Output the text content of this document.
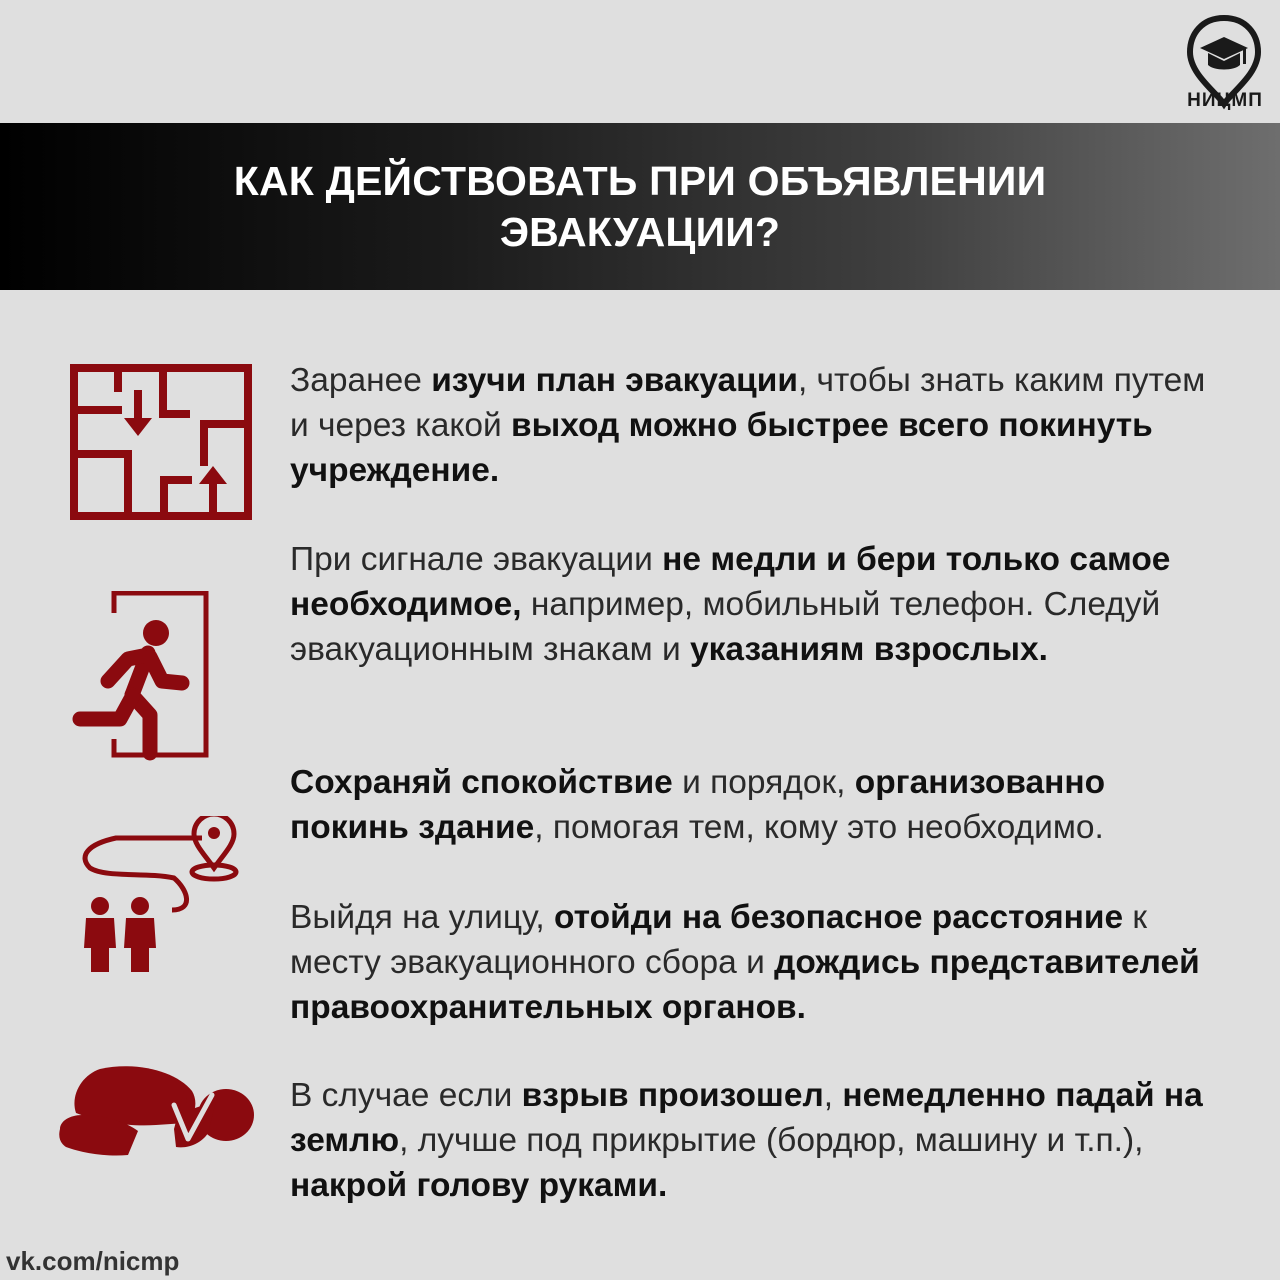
НИЦМП
КАК ДЕЙСТВОВАТЬ ПРИ ОБЪЯВЛЕНИИ
ЭВАКУАЦИИ?
Заранее изучи план эвакуации, чтобы знать каким путем и через какой выход можно быстрее всего покинуть учреждение.
При сигнале эвакуации не медли и бери только самое необходимое, например, мобильный телефон. Следуй эвакуационным знакам и указаниям взрослых.
Сохраняй спокойствие и порядок, организованно покинь здание, помогая тем, кому это необходимо.
Выйдя на улицу, отойди на безопасное расстояние к месту эвакуационного сбора и дождись представителей правоохранительных органов.
В случае если взрыв произошел, немедленно падай на землю, лучше под прикрытие (бордюр, машину и т.п.), накрой голову руками.
vk.com/nicmp
